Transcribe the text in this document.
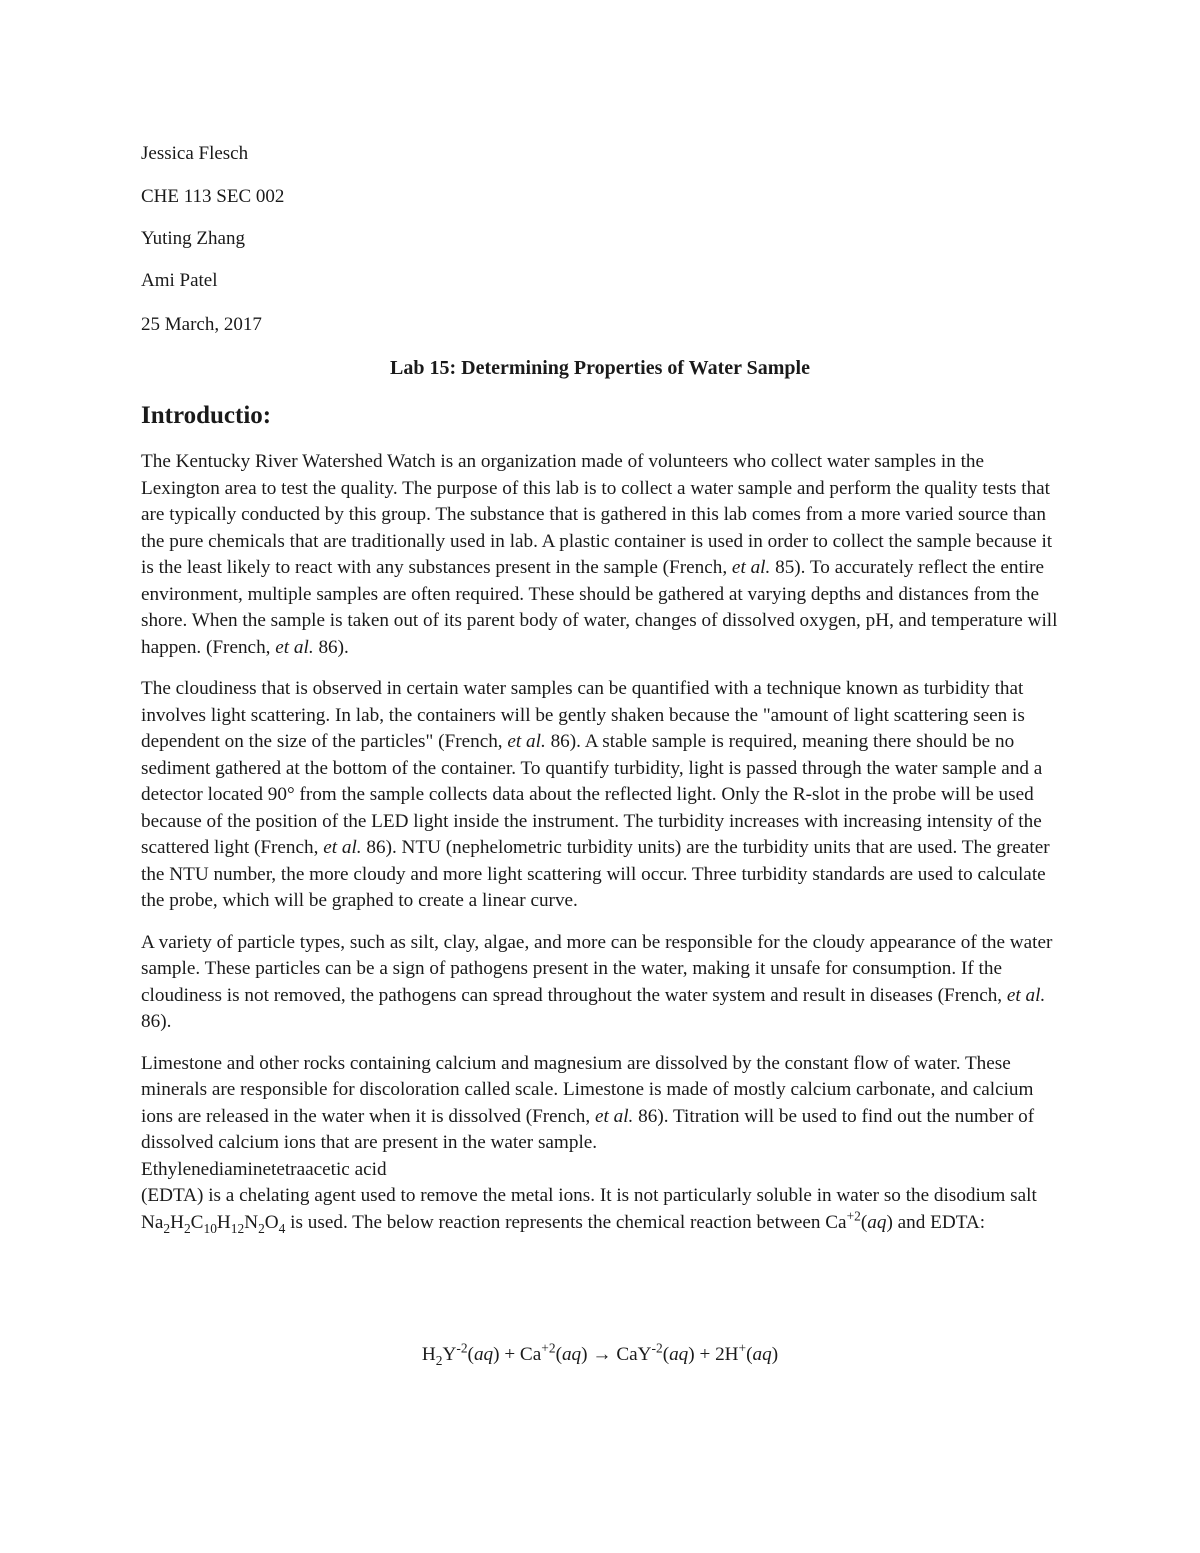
Jessica Flesch

CHE 113 SEC 002

Yuting Zhang

Ami Patel

25 March, 2017

Lab 15: Determining Properties of Water Sample
Introductio:

The Kentucky River Watershed Watch is an organization made of volunteers who collect water samples in the Lexington area to test the quality. The purpose of this lab is to collect a water sample and perform the quality tests that are typically conducted by this group. The substance that is gathered in this lab comes from a more varied source than the pure chemicals that are traditionally used in lab. A plastic container is used in order to collect the sample because it is the least likely to react with any substances present in the sample (French, et al. 85). To accurately reflect the entire environment, multiple samples are often required. These should be gathered at varying depths and distances from the shore. When the sample is taken out of its parent body of water, changes of dissolved oxygen, pH, and temperature will happen. (French, et al. 86).

The cloudiness that is observed in certain water samples can be quantified with a technique known as turbidity that involves light scattering. In lab, the containers will be gently shaken because the "amount of light scattering seen is dependent on the size of the particles" (French, et al. 86). A stable sample is required, meaning there should be no sediment gathered at the bottom of the container. To quantify turbidity, light is passed through the water sample and a detector located 90° from the sample collects data about the reflected light. Only the R-slot in the probe will be used because of the position of the LED light inside the instrument. The turbidity increases with increasing intensity of the scattered light (French, et al. 86). NTU (nephelometric turbidity units) are the turbidity units that are used. The greater the NTU number, the more cloudy and more light scattering will occur. Three turbidity standards are used to calculate the probe, which will be graphed to create a linear curve.

A variety of particle types, such as silt, clay, algae, and more can be responsible for the cloudy appearance of the water sample. These particles can be a sign of pathogens present in the water, making it unsafe for consumption. If the cloudiness is not removed, the pathogens can spread throughout the water system and result in diseases (French, et al. 86).

Limestone and other rocks containing calcium and magnesium are dissolved by the constant flow of water. These minerals are responsible for discoloration called scale. Limestone is made of mostly calcium carbonate, and calcium ions are released in the water when it is dissolved (French, et al. 86). Titration will be used to find out the number of dissolved calcium ions that are present in the water sample.
Ethylenediaminetetraacetic acid
(EDTA) is a chelating agent used to remove the metal ions. It is not particularly soluble in water so the disodium salt $Na_2H_2C_{10}H_{12}N_2O_4$ is used. The below reaction represents the chemical reaction between $Ca^{+2}(aq)$ and EDTA:

$H_2Y^{-2}(aq) + Ca^{+2}(aq) \to CaY^{-2}(aq) + 2H^+(aq)$
